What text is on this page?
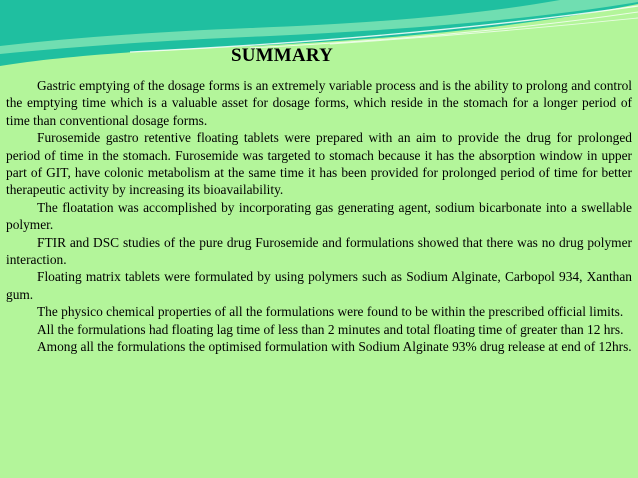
SUMMARY

Gastric emptying of the dosage forms is an extremely variable process and is the ability to prolong and control the emptying time which is a valuable asset for dosage forms, which reside in the stomach for a longer period of time than conventional dosage forms.

Furosemide gastro retentive floating tablets were prepared with an aim to provide the drug for prolonged period of time in the stomach. Furosemide was targeted to stomach because it has the absorption window in upper part of GIT, have colonic metabolism at the same time it has been provided for prolonged period of time for better therapeutic activity by increasing its bioavailability.

The floatation was accomplished by incorporating gas generating agent, sodium bicarbonate into a swellable polymer.

FTIR and DSC studies of the pure drug Furosemide and formulations showed that there was no drug polymer interaction.

Floating matrix tablets were formulated by using polymers such as Sodium Alginate, Carbopol 934, Xanthan gum.

The physico chemical properties of all the formulations were found to be within the prescribed official limits.

All the formulations had floating lag time of less than 2 minutes and total floating time of greater than 12 hrs.

Among all the formulations the optimised formulation with Sodium Alginate 93% drug release at end of 12hrs.
